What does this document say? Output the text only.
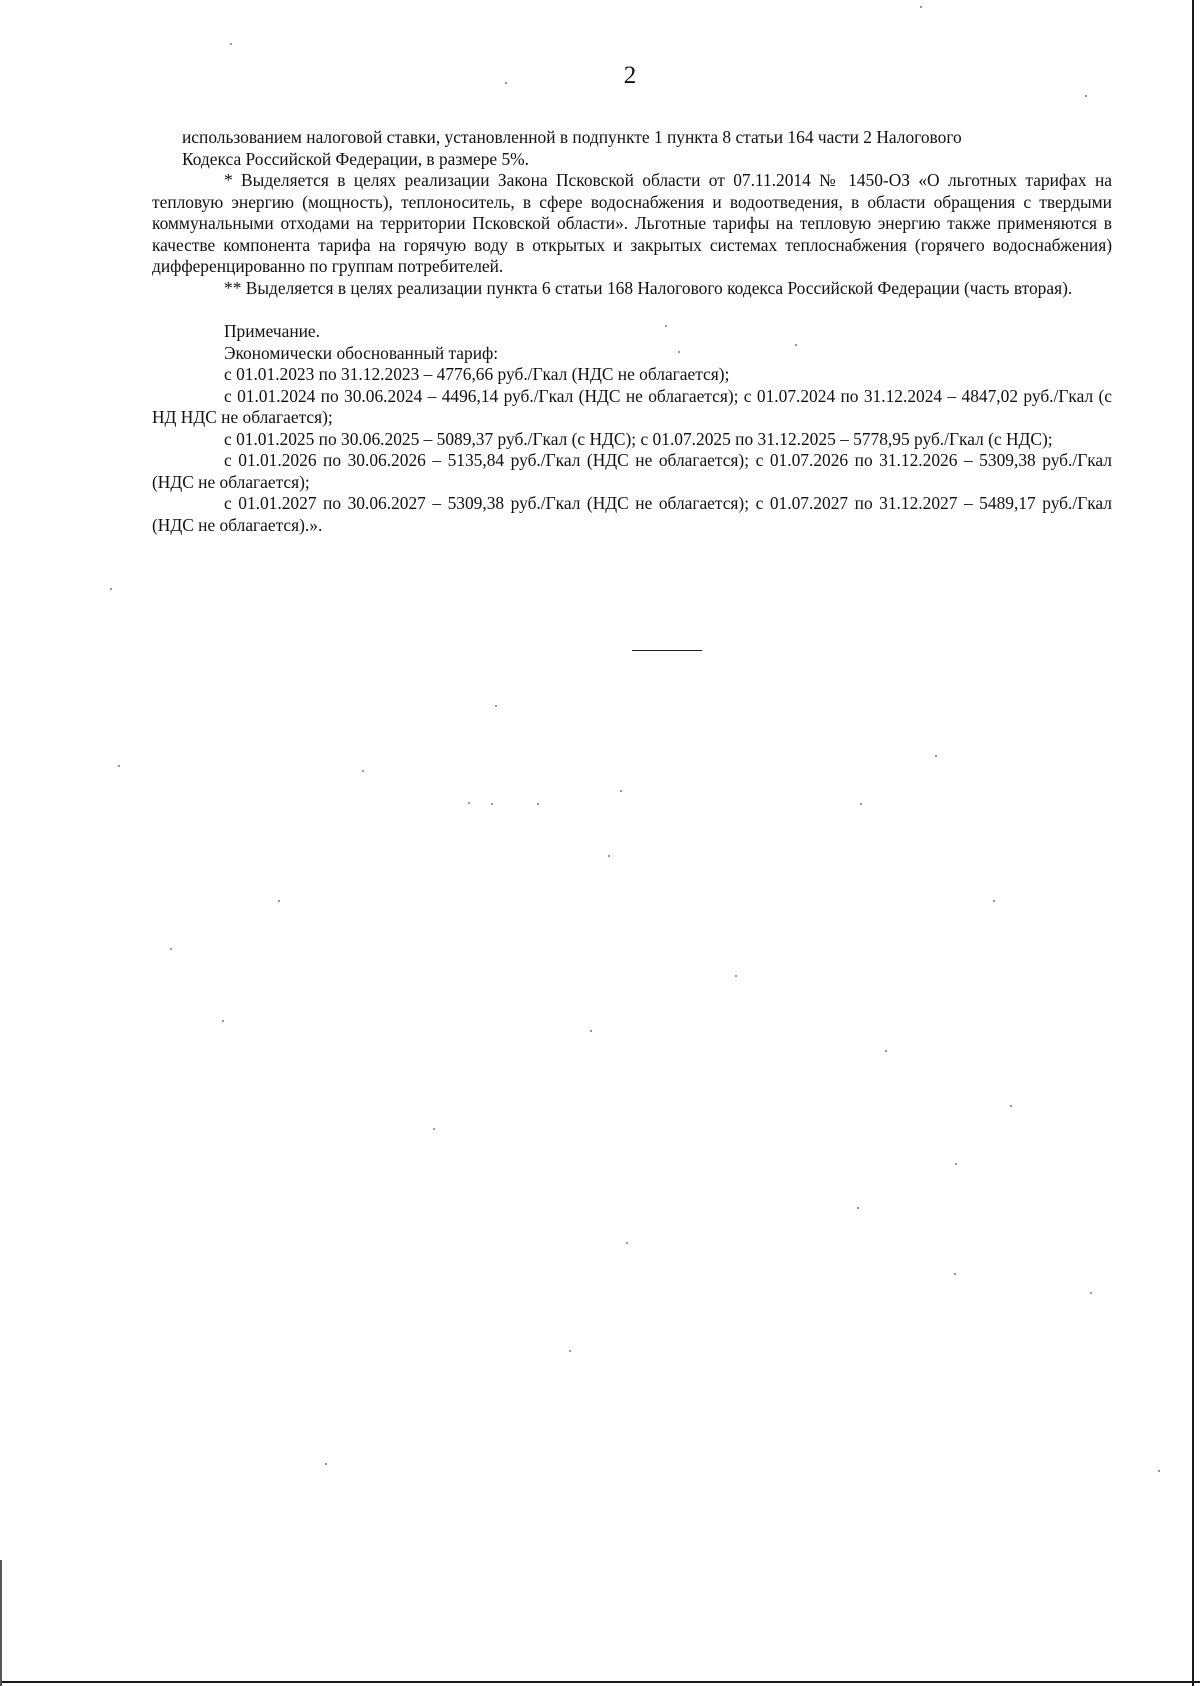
2

использованием налоговой ставки, установленной в подпункте 1 пункта 8 статьи 164 части 2 Налогового

Кодекса Российской Федерации, в размере 5%.

* Выделяется в целях реализации Закона Псковской области от 07.11.2014 № 1450-ОЗ «О льготных тарифах на тепловую энергию (мощность), теплоноситель, в сфере водоснабжения и водоотведения, в области обращения с твердыми коммунальными отходами на территории Псковской области». Льготные тарифы на тепловую энергию также применяются в качестве компонента тарифа на горячую воду в открытых и закрытых системах теплоснабжения (горячего водоснабжения) дифференцированно по группам потребителей.

** Выделяется в целях реализации пункта 6 статьи 168 Налогового кодекса Российской Федерации (часть вторая).

Примечание.

Экономически обоснованный тариф:

с 01.01.2023 по 31.12.2023 – 4776,66 руб./Гкал (НДС не облагается);

с 01.01.2024 по 30.06.2024 – 4496,14 руб./Гкал (НДС не облагается); с 01.07.2024 по 31.12.2024 – 4847,02 руб./Гкал (с НД НДС не облагается);

с 01.01.2025 по 30.06.2025 – 5089,37 руб./Гкал (с НДС); с 01.07.2025 по 31.12.2025 – 5778,95 руб./Гкал (с НДС);

с 01.01.2026 по 30.06.2026 – 5135,84 руб./Гкал (НДС не облагается); с 01.07.2026 по 31.12.2026 – 5309,38 руб./Гкал (НДС не облагается);

с 01.01.2027 по 30.06.2027 – 5309,38 руб./Гкал (НДС не облагается); с 01.07.2027 по 31.12.2027 – 5489,17 руб./Гкал (НДС не облагается).».
